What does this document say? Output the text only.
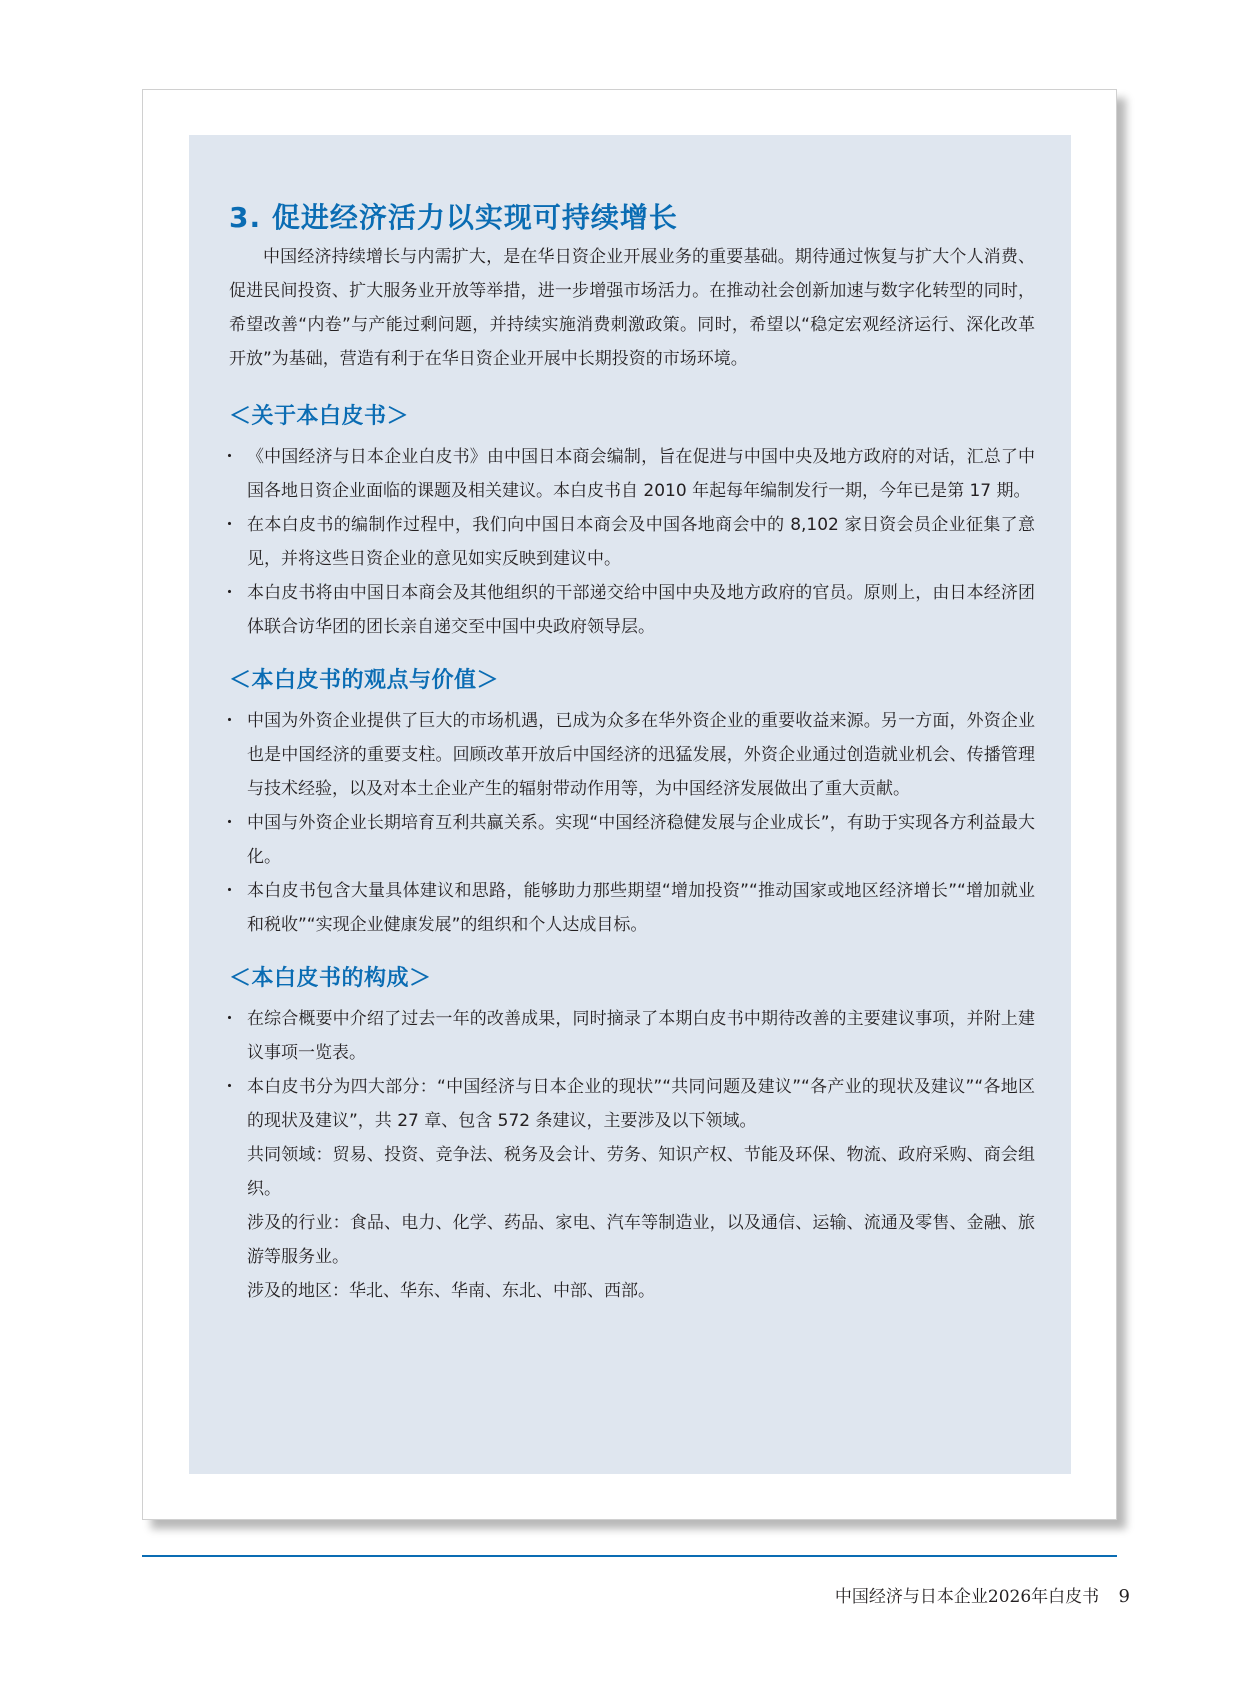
3. 促进经济活力以实现可持续增长

中国经济持续增长与内需扩大，是在华日资企业开展业务的重要基础。期待通过恢复与扩大个人消费、促进民间投资、扩大服务业开放等举措，进一步增强市场活力。在推动社会创新加速与数字化转型的同时，希望改善“内卷”与产能过剩问题，并持续实施消费刺激政策。同时，希望以“稳定宏观经济运行、深化改革开放”为基础，营造有利于在华日资企业开展中长期投资的市场环境。

＜关于本白皮书＞
・ 《中国经济与日本企业白皮书》由中国日本商会编制，旨在促进与中国中央及地方政府的对话，汇总了中国各地日资企业面临的课题及相关建议。本白皮书自 2010 年起每年编制发行一期，今年已是第 17 期。
・ 在本白皮书的编制作过程中，我们向中国日本商会及中国各地商会中的 8,102 家日资会员企业征集了意见，并将这些日资企业的意见如实反映到建议中。
・ 本白皮书将由中国日本商会及其他组织的干部递交给中国中央及地方政府的官员。原则上，由日本经济团体联合访华团的团长亲自递交至中国中央政府领导层。
＜本白皮书的观点与价值＞
・ 中国为外资企业提供了巨大的市场机遇，已成为众多在华外资企业的重要收益来源。另一方面，外资企业也是中国经济的重要支柱。回顾改革开放后中国经济的迅猛发展，外资企业通过创造就业机会、传播管理与技术经验，以及对本土企业产生的辐射带动作用等，为中国经济发展做出了重大贡献。
・ 中国与外资企业长期培育互利共赢关系。实现“中国经济稳健发展与企业成长”，有助于实现各方利益最大化。
・ 本白皮书包含大量具体建议和思路，能够助力那些期望“增加投资”“推动国家或地区经济增长”“增加就业和税收”“实现企业健康发展”的组织和个人达成目标。
＜本白皮书的构成＞
・ 在综合概要中介绍了过去一年的改善成果，同时摘录了本期白皮书中期待改善的主要建议事项，并附上建议事项一览表。
・ 本白皮书分为四大部分：“中国经济与日本企业的现状”“共同问题及建议”“各产业的现状及建议”“各地区的现状及建议”，共 27 章、包含 572 条建议，主要涉及以下领域。
共同领域：贸易、投资、竞争法、税务及会计、劳务、知识产权、节能及环保、物流、政府采购、商会组织。
涉及的行业：食品、电力、化学、药品、家电、汽车等制造业，以及通信、运输、流通及零售、金融、旅游等服务业。
涉及的地区：华北、华东、华南、东北、中部、西部。
中国经济与日本企业2026年白皮书 9
